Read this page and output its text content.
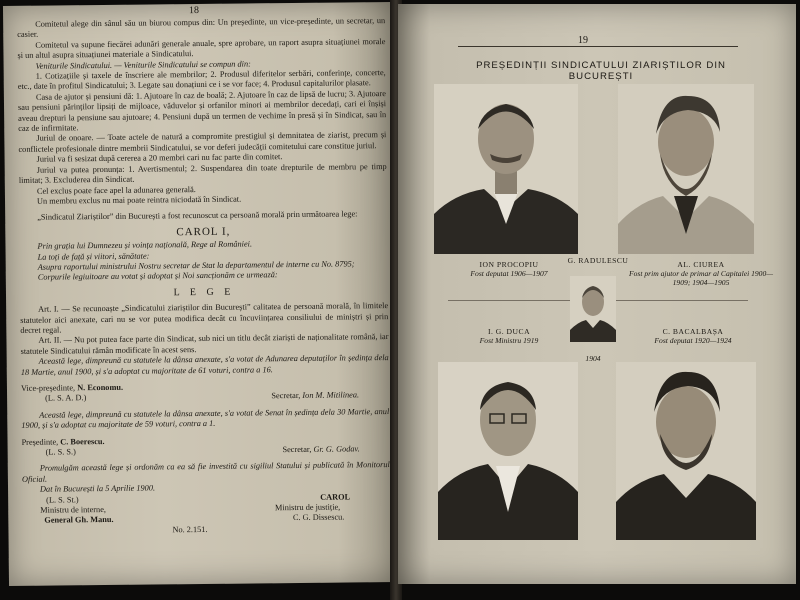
18

Comitetul alege din sânul său un biurou compus din: Un președinte, un vice-președinte, un secretar, un casier.

Comitetul va supune fiecărei adunări generale anuale, spre aprobare, un raport asupra situațiunei morale și un altul asupra situațiunei materiale a Sindicatului.

Veniturile Sindicatului. — Veniturile Sindicatului se compun din:

1. Cotizațiile și taxele de înscriere ale membrilor; 2. Produsul diferitelor serbări, conferințe, concerte, etc., date în profitul Sindicatului; 3. Legate sau donațiuni ce i se vor face; 4. Produsul capitalurilor plasate.

Casa de ajutor și pensiuni dă: 1. Ajutoare în caz de boală; 2. Ajutoare în caz de lipsă de lucru; 3. Ajutoare sau pensiuni părinților lipsiți de mijloace, văduvelor și orfanilor minori ai membrilor decedați, cari ei înșiși aveau drepturi la pensiune sau ajutoare; 4. Pensiuni după un termen de vechime în presă și în Sindicat, sau în caz de infirmitate.

Juriul de onoare. — Toate actele de natură a compromite prestigiul și demnitatea de ziarist, precum și conflictele profesionale dintre membrii Sindicatului, se vor deferi judecății comitetului care constitue juriul.

Juriul va fi sesizat după cererea a 20 membri cari nu fac parte din comitet.

Juriul va putea pronunța: 1. Avertismentul; 2. Suspendarea din toate drepturile de membru pe timp limitat; 3. Excluderea din Sindicat.

Cel exclus poate face apel la adunarea generală.

Un membru exclus nu mai poate reintra niciodată în Sindicat.

„Sindicatul Ziariștilor” din București a fost recunoscut ca persoană morală prin următoarea lege:

CAROL I,

Prin grația lui Dumnezeu și voința națională, Rege al României.

La toți de față și viitori, sănătate:

Asupra raportului ministrului Nostru secretar de Stat la departamentul de interne cu No. 8795;

Corpurile legiuitoare au votat și adoptat și Noi sancționăm ce urmează:

L E G E

Art. I. — Se recunoaște „Sindicatului ziariștilor din București” calitatea de persoană morală, în limitele statutelor aici anexate, cari nu se vor putea modifica decât cu încuviințarea consiliului de miniștri și prin decret regal.

Art. II. — Nu pot putea face parte din Sindicat, sub nici un titlu decât ziariști de naționalitate română, iar statutele Sindicatului rămân modificate în acest sens.

Această lege, dimpreună cu statutele la dânsa anexate, s'a votat de Adunarea deputaților în ședința dela 18 Martie, anul 1900, și s'a adoptat cu majoritate de 61 voturi, contra a 16.

Vice-președinte, N. Economu.

(L. S. A. D.)	Secretar, Ion M. Mitilinea.

Această lege, dimpreună cu statutele la dânsa anexate, s'a votat de Senat în ședința dela 30 Martie, anul 1900, și s'a adoptat cu majoritate de 59 voturi, contra a 1.

Președinte, C. Boerescu.

(L. S. S.)	Secretar, Gr. G. Godav.

Promulgăm această lege și ordonăm ca ea să fie investită cu sigiliul Statului și publicată în Monitorul Oficial.

Dat în București la 5 Aprilie 1900.

(L. S. St.)	CAROL

Ministru de interne,	Ministru de justiție,

General Gh. Manu.	C. G. Dissescu.

No. 2.151.

19
PREȘEDINȚII SINDICATULUI ZIARIȘTILOR DIN BUCUREȘTI
ION PROCOPIU
Fost deputat 1906—1907
G. RADULESCU	AL. CIUREA
Fost prim ajutor de primar al Capitalei 1900—1909; 1904—1905
I. G. DUCA
Fost Ministru 1919
C. BACALBAȘA
Fost deputat 1920—1924
1904
